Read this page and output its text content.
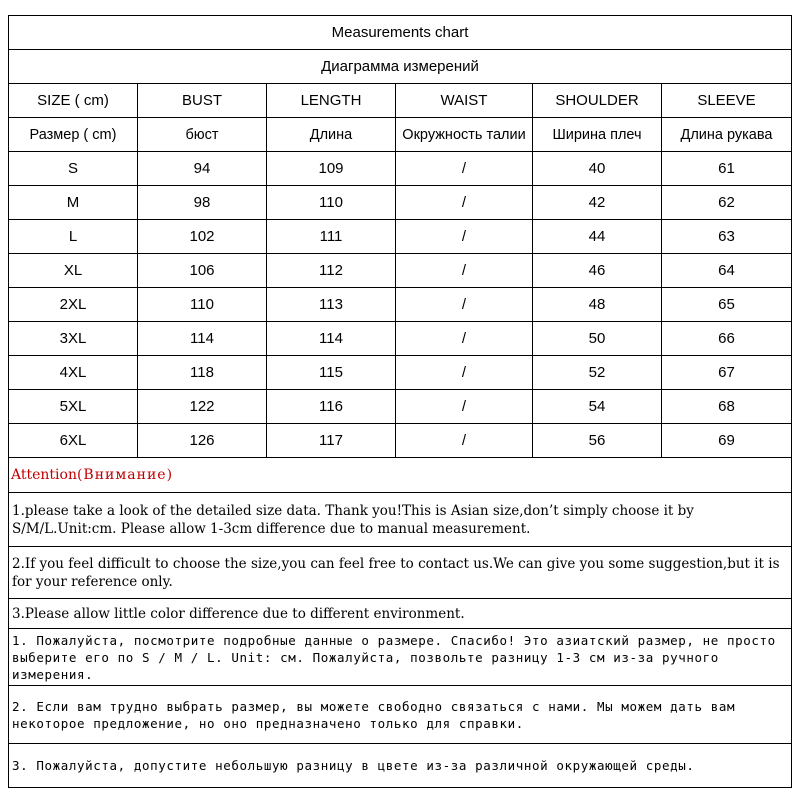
Measurements chart					
Диаграмма измерений					
SIZE ( cm)	BUST	LENGTH	WAIST	SHOULDER	SLEEVE
Размер ( cm)	бюст	Длина	Окружность талии	Ширина плеч	Длина рукава
S	94	109	/	40	61
M	98	110	/	42	62
L	102	111	/	44	63
XL	106	112	/	46	64
2XL	110	113	/	48	65
3XL	114	114	/	50	66
4XL	118	115	/	52	67
5XL	122	116	/	54	68
6XL	126	117	/	56	69
Attention(Внимание)					
1.please take a look of the detailed size data. Thank you!This is Asian size,don’t simply choose it by S/M/L.Unit:cm. Please allow 1-3cm difference due to manual measurement.					
2.If you feel difficult to choose the size,you can feel free to contact us.We can give you some suggestion,but it is for your reference only.					
3.Please allow little color difference due to different environment.					
1. Пожалуйста, посмотрите подробные данные о размере. Спасибо! Это азиатский размер, не просто выберите его по S / M / L. Unit: см. Пожалуйста, позвольте разницу 1-3 см из-за ручного измерения.					
2. Если вам трудно выбрать размер, вы можете свободно связаться с нами. Мы можем дать вам некоторое предложение, но оно предназначено только для справки.					
3. Пожалуйста, допустите небольшую разницу в цвете из-за различной окружающей среды.					
